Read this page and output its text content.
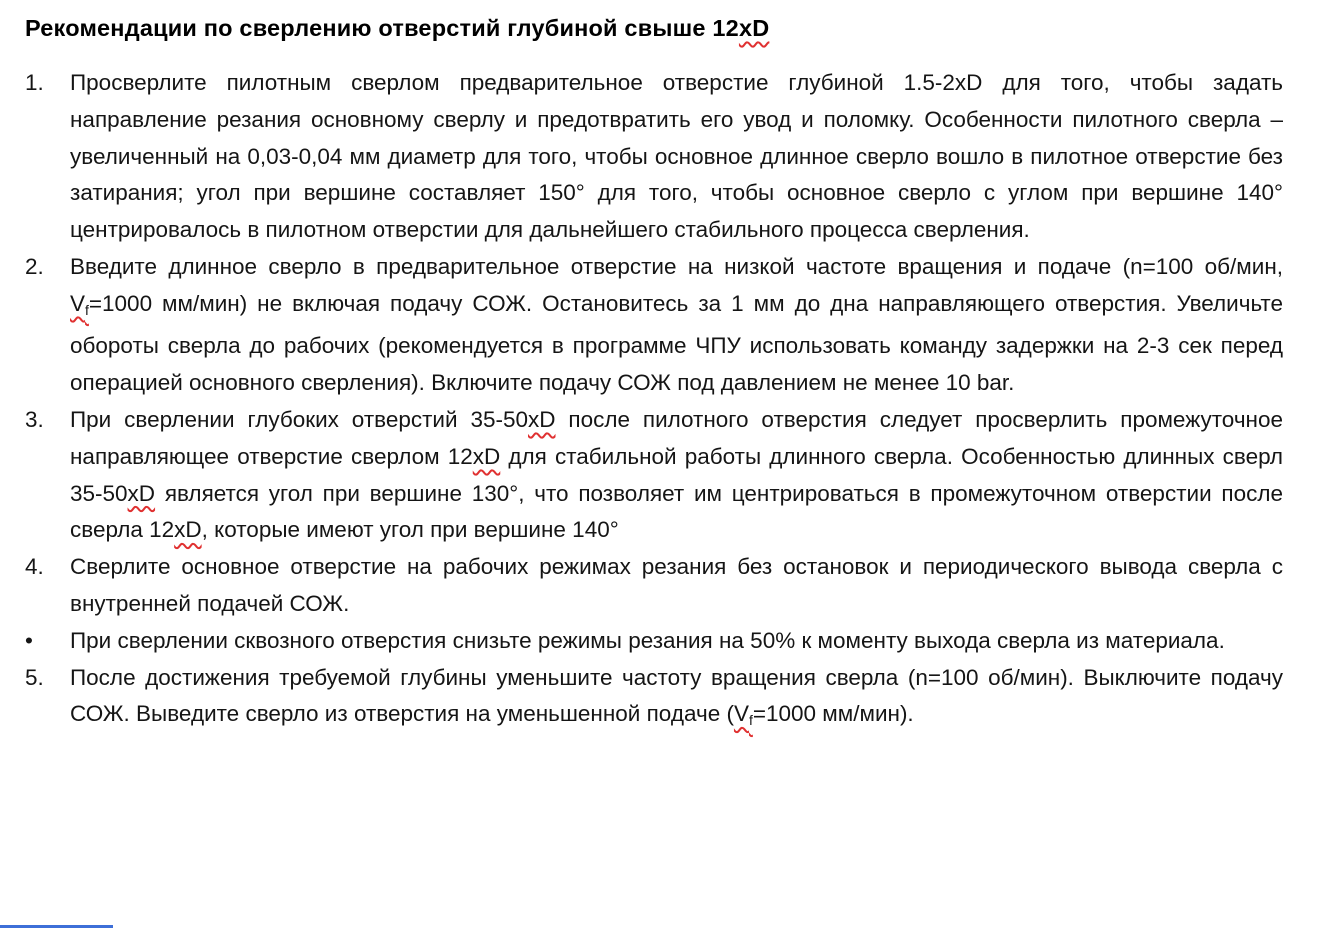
Рекомендации по сверлению отверстий глубиной свыше 12xD
1. Просверлите пилотным сверлом предварительное отверстие глубиной 1.5-2xD для того, чтобы задать направление резания основному сверлу и предотвратить его увод и поломку. Особенности пилотного сверла – увеличенный на 0,03-0,04 мм диаметр для того, чтобы основное длинное сверло вошло в пилотное отверстие без затирания; угол при вершине составляет 150° для того, чтобы основное сверло с углом при вершине 140° центрировалось в пилотном отверстии для дальнейшего стабильного процесса сверления.

2. Введите длинное сверло в предварительное отверстие на низкой частоте вращения и подаче (n=100 об/мин, $V_f=1000$ мм/мин) не включая подачу СОЖ. Остановитесь за 1 мм до дна направляющего отверстия. Увеличьте обороты сверла до рабочих (рекомендуется в программе ЧПУ использовать команду задержки на 2-3 сек перед операцией основного сверления). Включите подачу СОЖ под давлением не менее 10 bar.

3. При сверлении глубоких отверстий 35-50xD после пилотного отверстия следует просверлить промежуточное направляющее отверстие сверлом 12xD для стабильной работы длинного сверла. Особенностью длинных сверл 35-50xD является угол при вершине 130°, что позволяет им центрироваться в промежуточном отверстии после сверла 12xD, которые имеют угол при вершине 140°

4. Сверлите основное отверстие на рабочих режимах резания без остановок и периодического вывода сверла с внутренней подачей СОЖ.

• При сверлении сквозного отверстия снизьте режимы резания на 50% к моменту выхода сверла из материала.

5. После достижения требуемой глубины уменьшите частоту вращения сверла (n=100 об/мин). Выключите подачу СОЖ. Выведите сверло из отверстия на уменьшенной подаче ($V_f=1000$ мм/мин).
